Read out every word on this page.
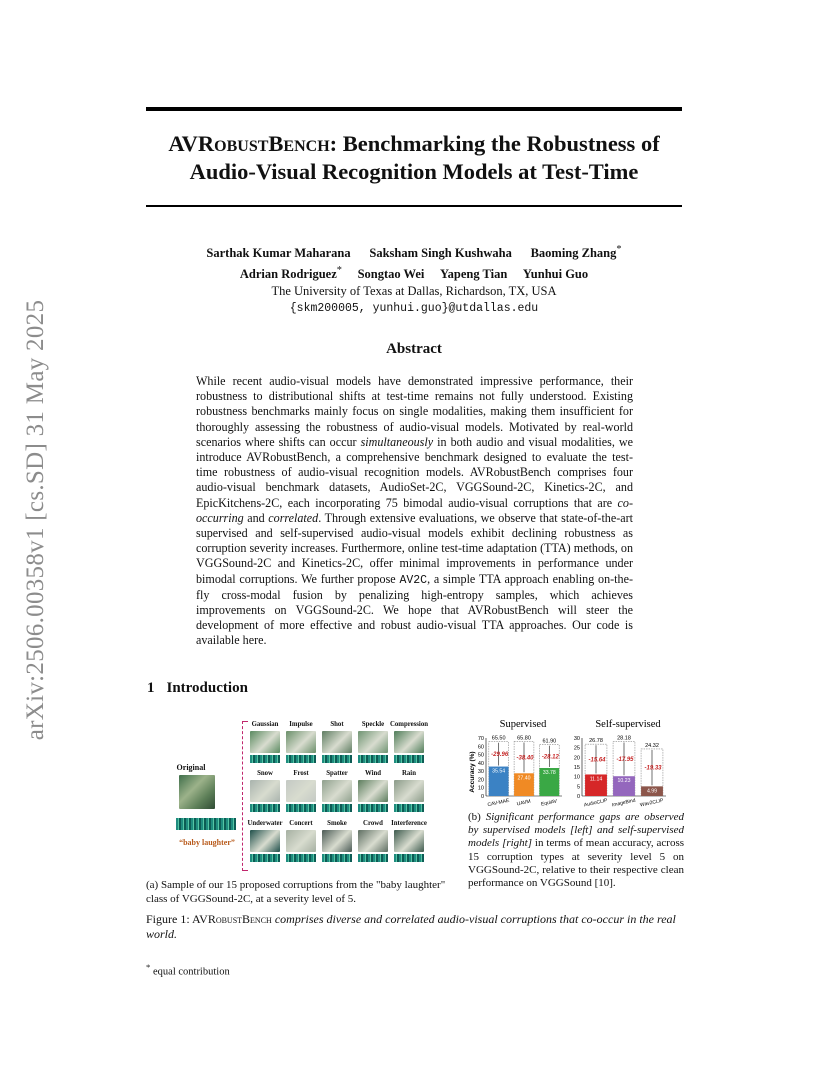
arXiv:2506.00358v1 [cs.SD] 31 May 2025
AVRobustBench: Benchmarking the Robustness of
Audio-Visual Recognition Models at Test-Time
Sarthak Kumar Maharana Saksham Singh Kushwaha Baoming Zhang*
Adrian Rodriguez* Songtao Wei Yapeng Tian Yunhui Guo
The University of Texas at Dallas, Richardson, TX, USA
{skm200005, yunhui.guo}@utdallas.edu
Abstract
While recent audio-visual models have demonstrated impressive performance, their robustness to distributional shifts at test-time remains not fully understood. Existing robustness benchmarks mainly focus on single modalities, making them insufficient for thoroughly assessing the robustness of audio-visual models. Motivated by real-world scenarios where shifts can occur simultaneously in both audio and visual modalities, we introduce AVRobustBench, a comprehensive benchmark designed to evaluate the test-time robustness of audio-visual recognition models. AVRobustBench comprises four audio-visual benchmark datasets, AudioSet-2C, VGGSound-2C, Kinetics-2C, and EpicKitchens-2C, each incorporating 75 bimodal audio-visual corruptions that are co-occurring and correlated. Through extensive evaluations, we observe that state-of-the-art supervised and self-supervised audio-visual models exhibit declining robustness as corruption severity increases. Furthermore, online test-time adaptation (TTA) methods, on VGGSound-2C and Kinetics-2C, offer minimal improvements in performance under bimodal corruptions. We further propose AV2C, a simple TTA approach enabling on-the-fly cross-modal fusion by penalizing high-entropy samples, which achieves improvements on VGGSound-2C. We hope that AVRobustBench will steer the development of more effective and robust audio-visual TTA approaches. Our code is available here.
1 Introduction
Original
“baby laughter”
Gaussian	Impulse	Shot	Speckle Compression
Snow	Frost	Spatter	Wind	Rain
Underwater Concert	Smoke	Crowd	Interference
(a) Sample of our 15 proposed corruptions from the "baby laughter" class of VGGSound-2C, at a severity level of 5.
Supervised	Self-supervised
Accuracy (%)
0
10
20
30
40
50
60
70 65.50
35.54
-29.96
CAV-MAE
65.80
27.40
-38.40
UAVM
61.90
33.78
-28.12
EquiAV
0
5
10
15
20
25
30 26.78
11.14
-15.64
AudioCLIP
28.18
10.23
-17.95
ImageBind
24.32
4.99
-19.33
Wav2CLIP
(b) Significant performance gaps are observed by supervised models [left] and self-supervised models [right] in terms of mean accuracy, across 15 corruption types at severity level 5 on VGGSound-2C, relative to their respective clean performance on VGGSound [10].
Figure 1: AVRobustBench comprises diverse and correlated audio-visual corruptions that co-occur in the real world.
* equal contribution
